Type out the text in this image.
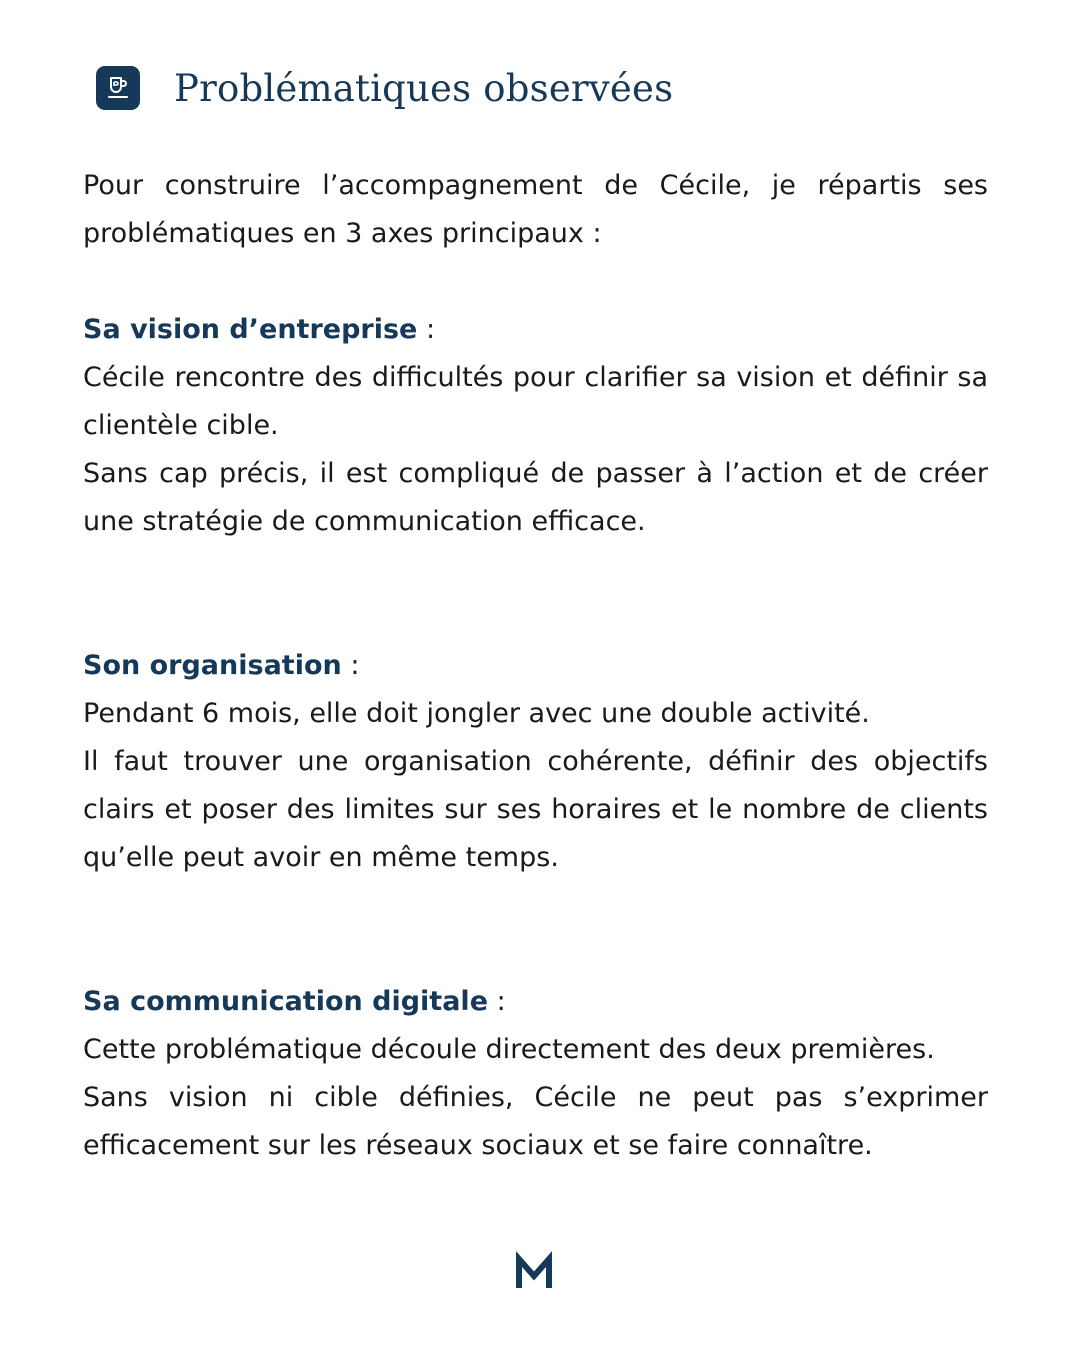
Problématiques observées

Pour construire l’accompagnement de Cécile, je répartis ses problématiques en 3 axes principaux :

Sa vision d’entreprise :

Cécile rencontre des difficultés pour clarifier sa vision et définir sa clientèle cible.

Sans cap précis, il est compliqué de passer à l’action et de créer une stratégie de communication efficace.

Son organisation :

Pendant 6 mois, elle doit jongler avec une double activité.

Il faut trouver une organisation cohérente, définir des objectifs clairs et poser des limites sur ses horaires et le nombre de clients qu’elle peut avoir en même temps.

Sa communication digitale :

Cette problématique découle directement des deux premières.

Sans vision ni cible définies, Cécile ne peut pas s’exprimer efficacement sur les réseaux sociaux et se faire connaître.
